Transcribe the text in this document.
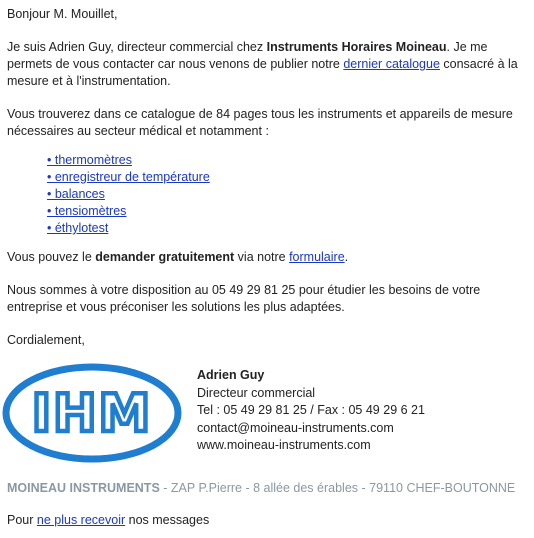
Bonjour M. Mouillet,

Je suis Adrien Guy, directeur commercial chez Instruments Horaires Moineau. Je me permets de vous contacter car nous venons de publier notre dernier catalogue consacré à la mesure et à l'instrumentation.

Vous trouverez dans ce catalogue de 84 pages tous les instruments et appareils de mesure nécessaires au secteur médical et notamment :

• thermomètres
• enregistreur de température
• balances
• tensiomètres
• éthylotest

Vous pouvez le demander gratuitement via notre formulaire.

Nous sommes à votre disposition au 05 49 29 81 25 pour étudier les besoins de votre entreprise et vous préconiser les solutions les plus adaptées.

Cordialement,

IHM
Adrien Guy
Directeur commercial
Tel : 05 49 29 81 25 / Fax : 05 49 29 6 21
contact@moineau-instruments.com
www.moineau-instruments.com
MOINEAU INSTRUMENTS - ZAP P.Pierre - 8 allée des érables - 79110 CHEF-BOUTONNE
Pour ne plus recevoir nos messages
